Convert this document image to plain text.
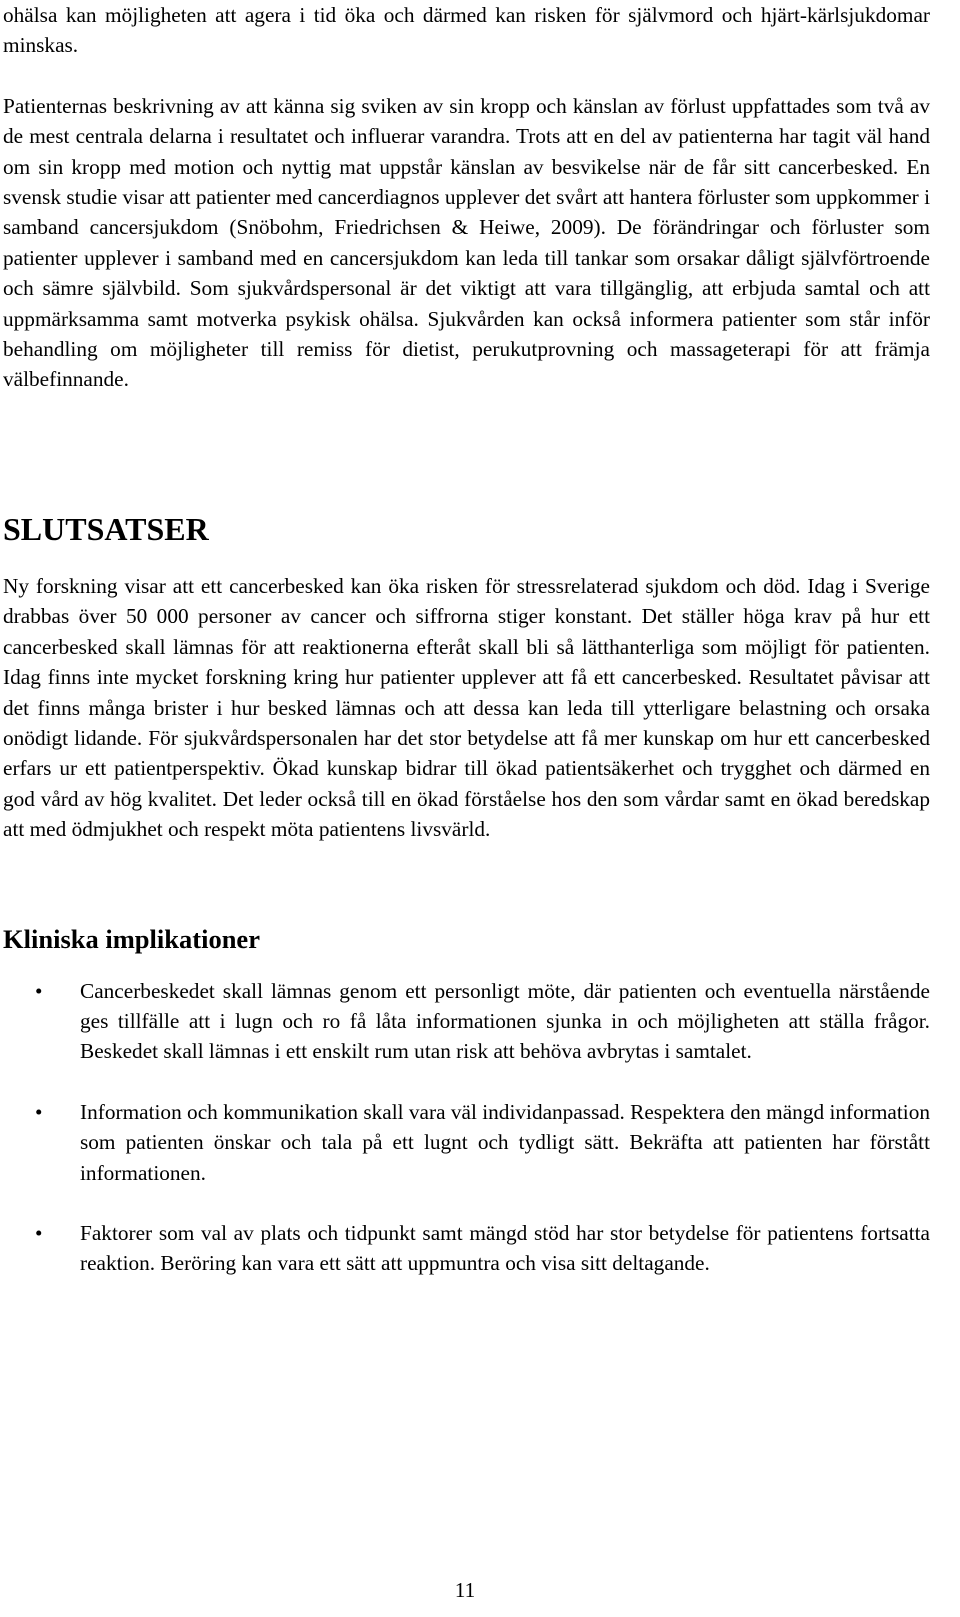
ohälsa kan möjligheten att agera i tid öka och därmed kan risken för självmord och hjärt-kärlsjukdomar minskas.

Patienternas beskrivning av att känna sig sviken av sin kropp och känslan av förlust uppfattades som två av de mest centrala delarna i resultatet och influerar varandra. Trots att en del av patienterna har tagit väl hand om sin kropp med motion och nyttig mat uppstår känslan av besvikelse när de får sitt cancerbesked. En svensk studie visar att patienter med cancerdiagnos upplever det svårt att hantera förluster som uppkommer i samband cancersjukdom (Snöbohm, Friedrichsen & Heiwe, 2009). De förändringar och förluster som patienter upplever i samband med en cancersjukdom kan leda till tankar som orsakar dåligt självförtroende och sämre självbild. Som sjukvårdspersonal är det viktigt att vara tillgänglig, att erbjuda samtal och att uppmärksamma samt motverka psykisk ohälsa. Sjukvården kan också informera patienter som står inför behandling om möjligheter till remiss för dietist, perukutprovning och massageterapi för att främja välbefinnande.

SLUTSATSER

Ny forskning visar att ett cancerbesked kan öka risken för stressrelaterad sjukdom och död. Idag i Sverige drabbas över 50 000 personer av cancer och siffrorna stiger konstant. Det ställer höga krav på hur ett cancerbesked skall lämnas för att reaktionerna efteråt skall bli så lätthanterliga som möjligt för patienten. Idag finns inte mycket forskning kring hur patienter upplever att få ett cancerbesked. Resultatet påvisar att det finns många brister i hur besked lämnas och att dessa kan leda till ytterligare belastning och orsaka onödigt lidande. För sjukvårdspersonalen har det stor betydelse att få mer kunskap om hur ett cancerbesked erfars ur ett patientperspektiv. Ökad kunskap bidrar till ökad patientsäkerhet och trygghet och därmed en god vård av hög kvalitet. Det leder också till en ökad förståelse hos den som vårdar samt en ökad beredskap att med ödmjukhet och respekt möta patientens livsvärld.

Kliniska implikationer
• Cancerbeskedet skall lämnas genom ett personligt möte, där patienten och eventuella närstående ges tillfälle att i lugn och ro få låta informationen sjunka in och möjligheten att ställa frågor. Beskedet skall lämnas i ett enskilt rum utan risk att behöva avbrytas i samtalet.

• Information och kommunikation skall vara väl individanpassad. Respektera den mängd information som patienten önskar och tala på ett lugnt och tydligt sätt. Bekräfta att patienten har förstått informationen.

• Faktorer som val av plats och tidpunkt samt mängd stöd har stor betydelse för patientens fortsatta reaktion. Beröring kan vara ett sätt att uppmuntra och visa sitt deltagande.

11
